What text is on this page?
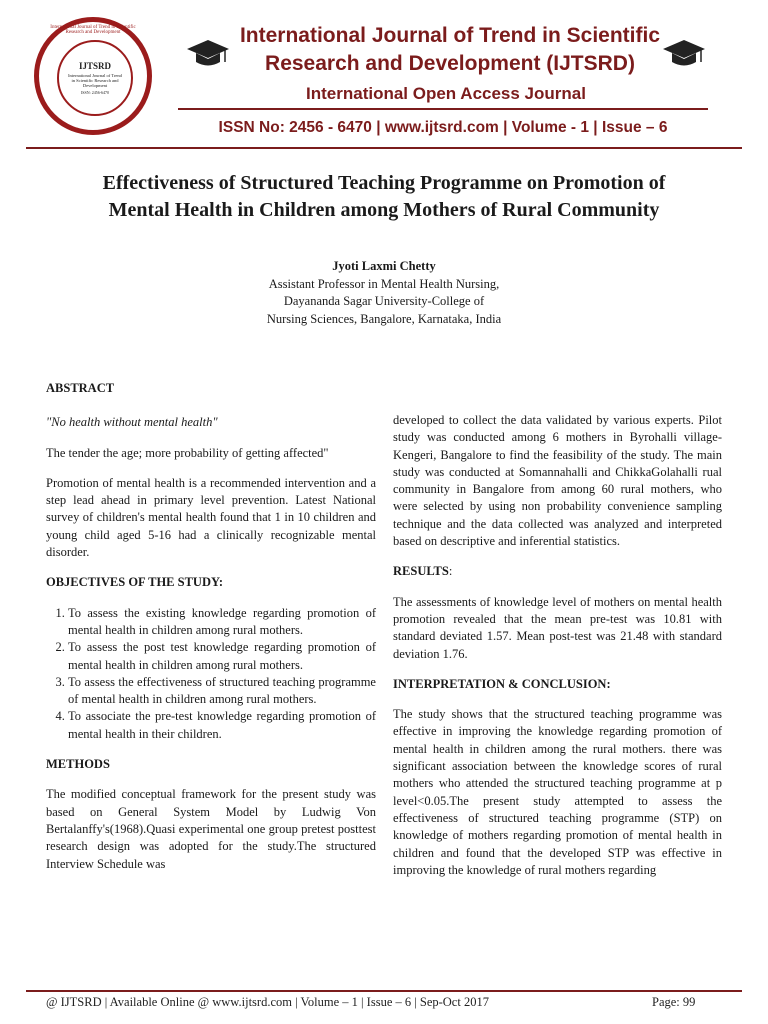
International Journal of Trend in Scientific Research and Development
IJTSRD
International Journal of Trend in Scientific Research and Development
ISSN: 2456-6470
International Journal of Trend in Scientific
Research and Development (IJTSRD)
International Open Access Journal
ISSN No: 2456 - 6470 | www.ijtsrd.com | Volume - 1 | Issue – 6
Effectiveness of Structured Teaching Programme on Promotion of
Mental Health in Children among Mothers of Rural Community
Jyoti Laxmi Chetty
Assistant Professor in Mental Health Nursing,
Dayananda Sagar University-College of
Nursing Sciences, Bangalore, Karnataka, India

ABSTRACT

"No health without mental health"

The tender the age; more probability of getting affected"

Promotion of mental health is a recommended intervention and a step lead ahead in primary level prevention. Latest National survey of children's mental health found that 1 in 10 children and young child aged 5-16 had a clinically recognizable mental disorder.

OBJECTIVES OF THE STUDY:

1. To assess the existing knowledge regarding promotion of mental health in children among rural mothers.
2. To assess the post test knowledge regarding promotion of mental health in children among rural mothers.
3. To assess the effectiveness of structured teaching programme of mental health in children among rural mothers.
4. To associate the pre-test knowledge regarding promotion of mental health in their children.

METHODS

The modified conceptual framework for the present study was based on General System Model by Ludwig Von Bertalanffy's(1968).Quasi experimental one group pretest posttest research design was adopted for the study.The structured Interview Schedule was

developed to collect the data validated by various experts. Pilot study was conducted among 6 mothers in Byrohalli village-Kengeri, Bangalore to find the feasibility of the study. The main study was conducted at Somannahalli and ChikkaGolahalli rual community in Bangalore from among 60 rural mothers, who were selected by using non probability convenience sampling technique and the data collected was analyzed and interpreted based on descriptive and inferential statistics.

RESULTS:

The assessments of knowledge level of mothers on mental health promotion revealed that the mean pre-test was 10.81 with standard deviated 1.57. Mean post-test was 21.48 with standard deviation 1.76.

INTERPRETATION & CONCLUSION:

The study shows that the structured teaching programme was effective in improving the knowledge regarding promotion of mental health in children among the rural mothers. there was significant association between the knowledge scores of rural mothers who attended the structured teaching programme at p level<0.05.The present study attempted to assess the effectiveness of structured teaching programme (STP) on knowledge of mothers regarding promotion of mental health in children and found that the developed STP was effective in improving the knowledge of rural mothers regarding

@ IJTSRD | Available Online @ www.ijtsrd.com | Volume – 1 | Issue – 6 | Sep-Oct 2017	Page: 99
